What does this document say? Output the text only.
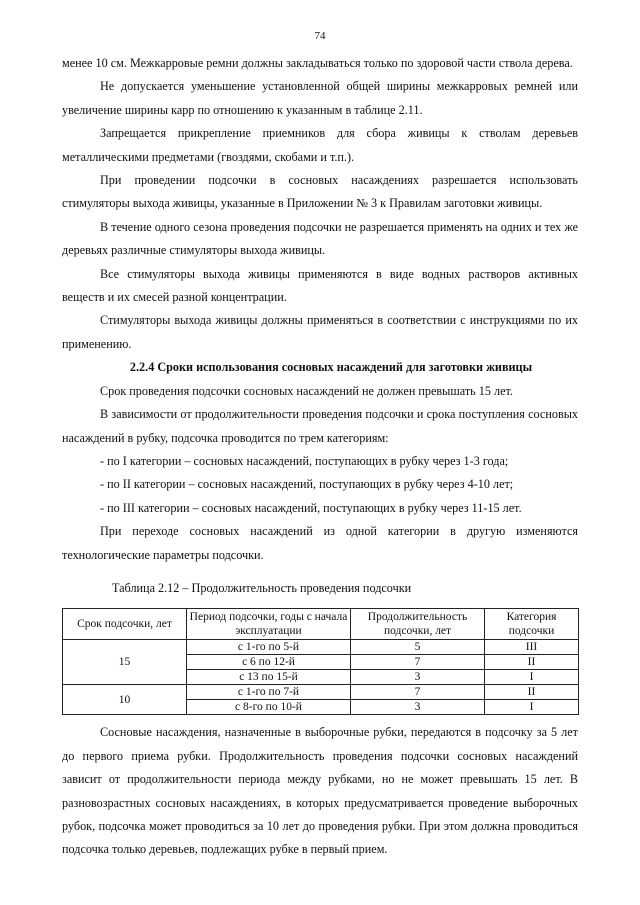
74

менее 10 см. Межкарровые ремни должны закладываться только по здоровой части ствола дерева.

Не допускается уменьшение установленной общей ширины межкарровых ремней или увеличение ширины карр по отношению к указанным в таблице 2.11.

Запрещается прикрепление приемников для сбора живицы к стволам деревьев металлическими предметами (гвоздями, скобами и т.п.).

При проведении подсочки в сосновых насаждениях разрешается использовать стимуляторы выхода живицы, указанные в Приложении № 3 к Правилам заготовки живицы.

В течение одного сезона проведения подсочки не разрешается применять на одних и тех же деревьях различные стимуляторы выхода живицы.

Все стимуляторы выхода живицы применяются в виде водных растворов активных веществ и их смесей разной концентрации.

Стимуляторы выхода живицы должны применяться в соответствии с инструкциями по их применению.

2.2.4 Сроки использования сосновых насаждений для заготовки живицы

Срок проведения подсочки сосновых насаждений не должен превышать 15 лет.

В зависимости от продолжительности проведения подсочки и срока поступления сосновых насаждений в рубку, подсочка проводится по трем категориям:

- по I категории – сосновых насаждений, поступающих в рубку через 1-3 года;

- по II категории – сосновых насаждений, поступающих в рубку через 4-10 лет;

- по III категории – сосновых насаждений, поступающих в рубку через 11-15 лет.

При переходе сосновых насаждений из одной категории в другую изменяются технологические параметры подсочки.

Таблица 2.12 – Продолжительность проведения подсочки
Срок подсочки, лет	Период подсочки, годы с начала эксплуатации	Продолжительность подсочки, лет	Категория подсочки
15	с 1-го по 5-й	5	III
	с 6 по 12-й	7	II
	с 13 по 15-й	3	I
10	с 1-го по 7-й	7	II
	с 8-го по 10-й	3	I

Сосновые насаждения, назначенные в выборочные рубки, передаются в подсочку за 5 лет до первого приема рубки. Продолжительность проведения подсочки сосновых насаждений зависит от продолжительности периода между рубками, но не может превышать 15 лет. В разновозрастных сосновых насаждениях, в которых предусматривается проведение выборочных рубок, подсочка может проводиться за 10 лет до проведения рубки. При этом должна проводиться подсочка только деревьев, подлежащих рубке в первый прием.
